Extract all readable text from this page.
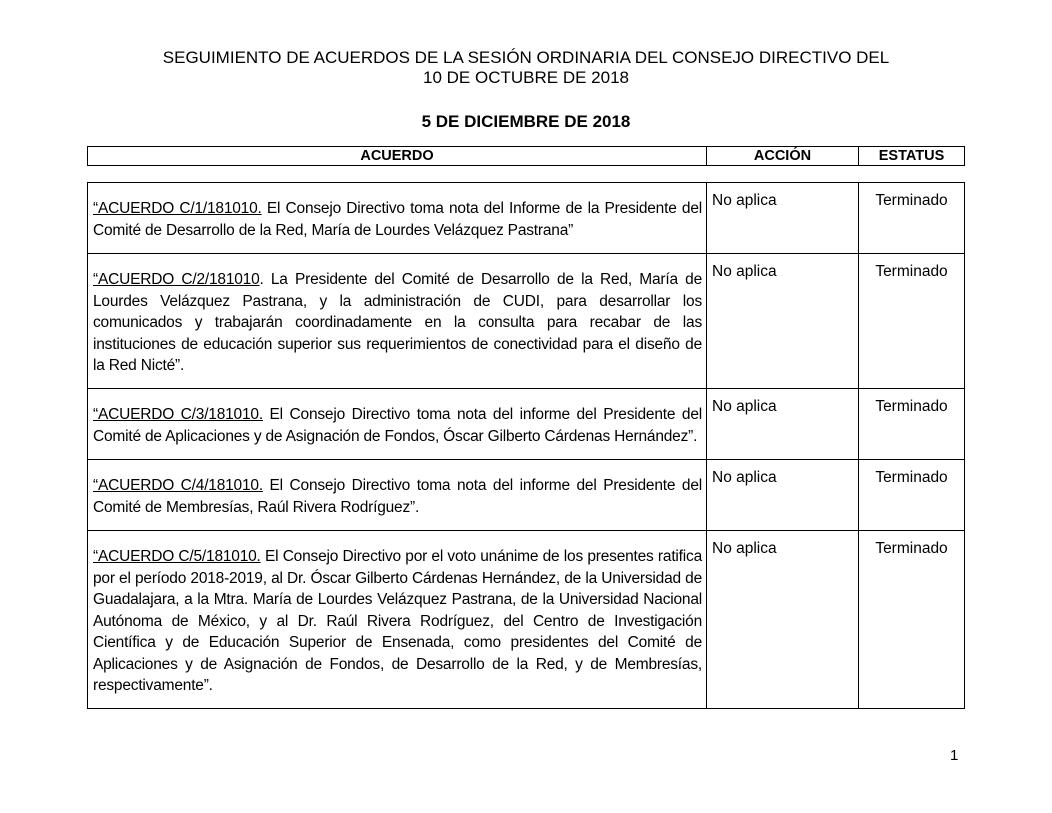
SEGUIMIENTO DE ACUERDOS DE LA SESIÓN ORDINARIA DEL CONSEJO DIRECTIVO DEL
10 DE OCTUBRE DE 2018
5 DE DICIEMBRE DE 2018
ACUERDO	ACCIÓN	ESTATUS
“ACUERDO C/1/181010. El Consejo Directivo toma nota del Informe de la Presidente del Comité de Desarrollo de la Red, María de Lourdes Velázquez Pastrana”	No aplica	Terminado
“ACUERDO C/2/181010. La Presidente del Comité de Desarrollo de la Red, María de Lourdes Velázquez Pastrana, y la administración de CUDI, para desarrollar los comunicados y trabajarán coordinadamente en la consulta para recabar de las instituciones de educación superior sus requerimientos de conectividad para el diseño de la Red Nicté”.	No aplica	Terminado
“ACUERDO C/3/181010. El Consejo Directivo toma nota del informe del Presidente del Comité de Aplicaciones y de Asignación de Fondos, Óscar Gilberto Cárdenas Hernández”.	No aplica	Terminado
“ACUERDO C/4/181010. El Consejo Directivo toma nota del informe del Presidente del Comité de Membresías, Raúl Rivera Rodríguez”.	No aplica	Terminado
“ACUERDO C/5/181010. El Consejo Directivo por el voto unánime de los presentes ratifica por el período 2018-2019, al Dr. Óscar Gilberto Cárdenas Hernández, de la Universidad de Guadalajara, a la Mtra. María de Lourdes Velázquez Pastrana, de la Universidad Nacional Autónoma de México, y al Dr. Raúl Rivera Rodríguez, del Centro de Investigación Científica y de Educación Superior de Ensenada, como presidentes del Comité de Aplicaciones y de Asignación de Fondos, de Desarrollo de la Red, y de Membresías, respectivamente”.	No aplica	Terminado
1
